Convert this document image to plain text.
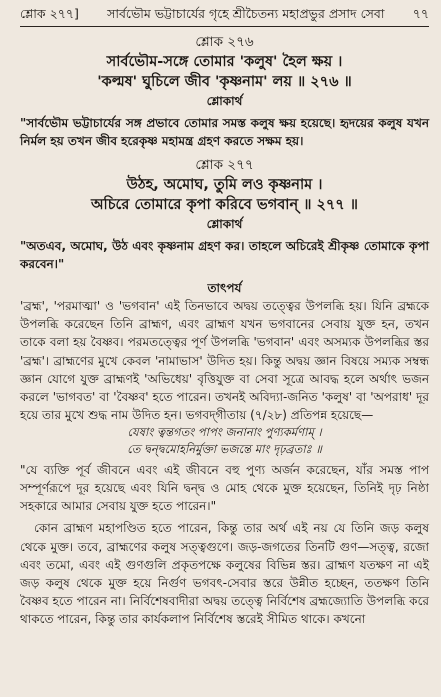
শ্লোক ২৭৭]	সার্বভৌম ভট্টাচার্যের গৃহে শ্রীচৈতন্য মহাপ্রভুর প্রসাদ সেবা	৭৭
শ্লোক ২৭৬
সার্বভৌম-সঙ্গে তোমার 'কলুষ' হৈল ক্ষয় ।
'কল্মষ' ঘুচিলে জীব 'কৃষ্ণনাম' লয় ॥ ২৭৬ ॥
শ্লোকার্থ
"সার্বভৌম ভট্টাচার্যের সঙ্গ প্রভাবে তোমার সমস্ত কলুষ ক্ষয় হয়েছে। হৃদয়ের কলুষ যখন নির্মল হয় তখন জীব হরেকৃষ্ণ মহামন্ত্র গ্রহণ করতে সক্ষম হয়।
শ্লোক ২৭৭
উঠহ, অমোঘ, তুমি লও কৃষ্ণনাম ।
অচিরে তোমারে কৃপা করিবে ভগবান্‌ ॥ ২৭৭ ॥
শ্লোকার্থ
"অতএব, অমোঘ, উঠ এবং কৃষ্ণনাম গ্রহণ কর। তাহলে অচিরেই শ্রীকৃষ্ণ তোমাকে কৃপা করবেন।"
তাৎপর্য
'ব্রহ্ম', 'পরমাত্মা' ও 'ভগবান' এই তিনভাবে অদ্বয় তত্ত্বের উপলব্ধি হয়। যিনি ব্রহ্মকে উপলব্ধি করেছেন তিনি ব্রাহ্মণ, এবং ব্রাহ্মণ যখন ভগবানের সেবায় যুক্ত হন, তখন তাকে বলা হয় বৈষ্ণব। পরমতত্ত্বের পূর্ণ উপলব্ধি 'ভগবান' এবং অসম্যক উপলব্ধির স্তর 'ব্রহ্ম'। ব্রাহ্মণের মুখে কেবল 'নামাভাস' উদিত হয়। কিন্তু অদ্বয় জ্ঞান বিষয়ে সম্যক সম্বন্ধ জ্ঞান যোগে যুক্ত ব্রাহ্মণই 'অভিধেয়' বৃত্তিযুক্ত বা সেবা সূত্রে আবদ্ধ হলে অর্থাৎ ভজন করলে 'ভাগবত' বা 'বৈষ্ণব' হতে পারেন। তখনই অবিদ্যা-জনিত 'কলুষ' বা 'অপরাধ' দূর হয়ে তার মুখে শুদ্ধ নাম উদিত হন। ভগবদ্‌গীতায় (৭/২৮) প্রতিপন্ন হয়েছে—
যেষাং ত্বন্তগতং পাপং জনানাং পুণ্যকর্মণাম্‌ ।
তে দ্বন্দ্বমোহনির্মুক্তা ভজন্তে মাং দৃঢ়ব্রতাঃ ॥
"যে ব্যক্তি পূর্ব জীবনে এবং এই জীবনে বহু পুণ্য অর্জন করেছেন, যাঁর সমস্ত পাপ সম্পূর্ণরূপে দূর হয়েছে এবং যিনি দ্বন্দ্ব ও মোহ থেকে মুক্ত হয়েছেন, তিনিই দৃঢ় নিষ্ঠা সহকারে আমার সেবায় যুক্ত হতে পারেন।"
কোন ব্রাহ্মণ মহাপণ্ডিত হতে পারেন, কিন্তু তার অর্থ এই নয় যে তিনি জড় কলুষ থেকে মুক্ত। তবে, ব্রাহ্মণের কলুষ সত্ত্বগুণে। জড়-জগতের তিনটি গুণ—সত্ত্ব, রজো এবং তমো, এবং এই গুণগুলি প্রকৃতপক্ষে কলুষের বিভিন্ন স্তর। ব্রাহ্মণ যতক্ষণ না এই জড় কলুষ থেকে মুক্ত হয়ে নির্গুণ ভগবৎ-সেবার স্তরে উন্নীত হচ্ছেন, ততক্ষণ তিনি বৈষ্ণব হতে পারেন না। নির্বিশেষবাদীরা অদ্বয় তত্ত্বে নির্বিশেষ ব্রহ্মজ্যোতি উপলব্ধি করে থাকতে পারেন, কিন্তু তার কার্যকলাপ নির্বিশেষ স্তরেই সীমিত থাকে। কখনো
